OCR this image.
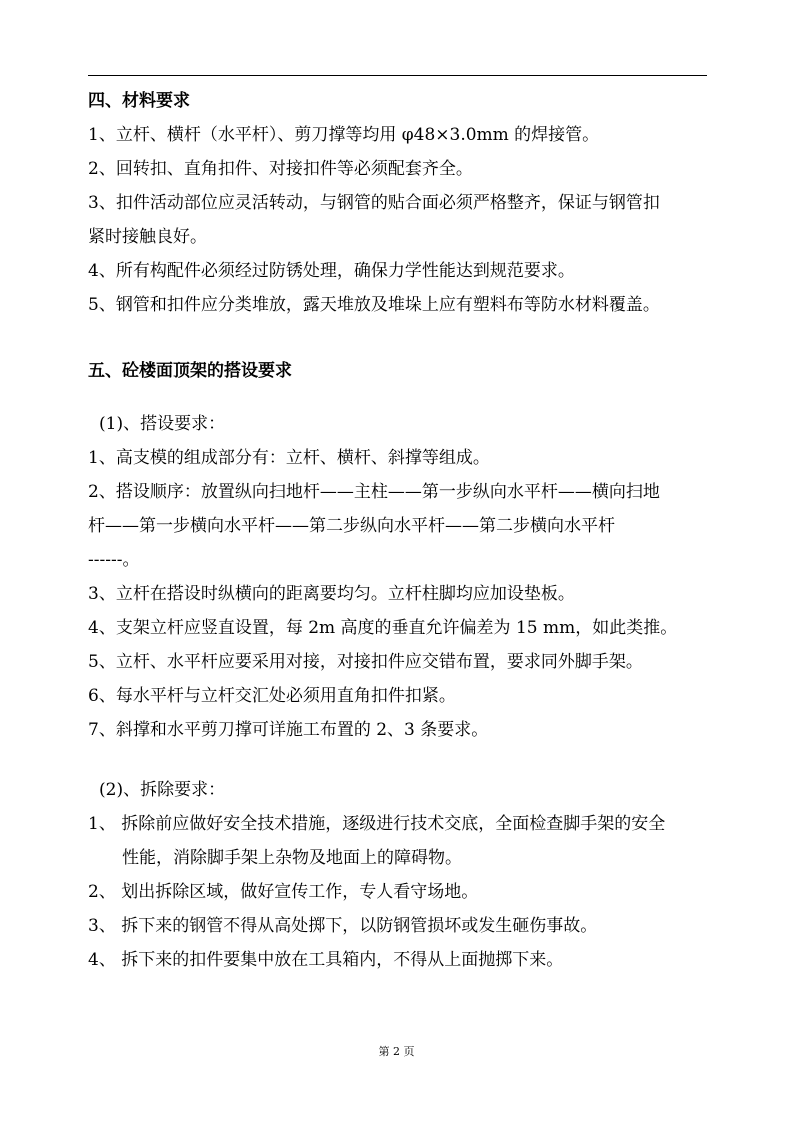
四、材料要求
1、立杆、横杆（水平杆）、剪刀撑等均用 φ48×3.0mm 的焊接管。
2、回转扣、直角扣件、对接扣件等必须配套齐全。
3、扣件活动部位应灵活转动，与钢管的贴合面必须严格整齐，保证与钢管扣
紧时接触良好。
4、所有构配件必须经过防锈处理，确保力学性能达到规范要求。
5、钢管和扣件应分类堆放，露天堆放及堆垛上应有塑料布等防水材料覆盖。
五、砼楼面顶架的搭设要求
(1)、搭设要求：
1、高支模的组成部分有：立杆、横杆、斜撑等组成。
2、搭设顺序：放置纵向扫地杆——主柱——第一步纵向水平杆——横向扫地
杆——第一步横向水平杆——第二步纵向水平杆——第二步横向水平杆
------。
3、立杆在搭设时纵横向的距离要均匀。立杆柱脚均应加设垫板。
4、支架立杆应竖直设置，每 2m 高度的垂直允许偏差为 15 mm，如此类推。
5、立杆、水平杆应要采用对接，对接扣件应交错布置，要求同外脚手架。
6、每水平杆与立杆交汇处必须用直角扣件扣紧。
7、斜撑和水平剪刀撑可详施工布置的 2、3 条要求。
(2)、拆除要求：
1、 拆除前应做好安全技术措施，逐级进行技术交底，全面检查脚手架的安全
性能，消除脚手架上杂物及地面上的障碍物。
2、 划出拆除区域，做好宣传工作，专人看守场地。
3、 拆下来的钢管不得从高处掷下，以防钢管损坏或发生砸伤事故。
4、 拆下来的扣件要集中放在工具箱内，不得从上面抛掷下来。
第 2 页
